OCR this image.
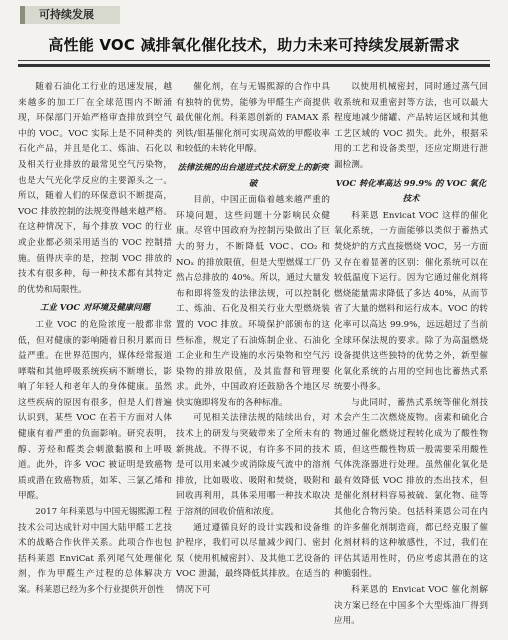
可持续发展
高性能 VOC 减排氧化催化技术，助力未来可持续发展新需求

随着石油化工行业的迅速发展，越来越多的加工厂在全球范围内不断涌现，环保部门开始严格审查排放到空气中的 VOC。VOC 实际上是不同种类的石化产品，并且是化工、炼油、石化以及相关行业排放的最常见空气污染物，也是大气光化学反应的主要源头之一。所以，随着人们的环保意识不断提高，VOC 排放控制的法规变得越来越严格。在这种情况下，每个排放 VOC 的行业或企业都必须采用适当的 VOC 控制措施。值得庆幸的是，控制 VOC 排放的技术有很多种，每一种技术都有其特定的优势和局限性。

工业 VOC 对环境及健康问题

工业 VOC 的危险浓度一般都非常低，但对健康的影响随着日积月累而日益严重。在世界范围内，媒体经常报道哮喘和其他呼吸系统疾病不断增长，影响了年轻人和老年人的身体健康。虽然这些疾病的原因有很多，但是人们普遍认识到，某些 VOC 在若干方面对人体健康有着严重的负面影响。研究表明，醇、芳烃和醛类会刺激黏膜和上呼吸道。此外，许多 VOC 被证明是致癌物质或潜在致癌物质，如苯、三氯乙烯和甲醛。

2017 年科莱恩与中国无锡熙源工程技术公司达成针对中国大陆甲醛工艺技术的战略合作伙伴关系。此项合作也包括科莱恩 EnviCat 系列尾气处理催化剂，作为甲醛生产过程的总体解决方案。科莱恩已经为多个行业提供开创性

催化剂，在与无锡熙源的合作中具有独特的优势，能够为甲醛生产商提供最优催化剂。科莱恩创新的 FAMAX 系列铁/钼基催化剂可实现高效的甲醛收率和较低的未转化甲醇。

法律法规的出台递进式技术研发上的新突破

目前，中国正面临着越来越严重的环境问题，这些问题十分影响民众健康。尽管中国政府为控制污染做出了巨大的努力，不断降低 VOC、CO₂ 和 NOₓ 的排放限值，但是大型燃煤工厂仍然占总排放的 40%。所以，通过大量发布和即将签发的法律法规，可以控制化工、炼油、石化及相关行业大型燃烧装置的 VOC 排放。环境保护部颁布的这些标准，规定了石油炼制企业、石油化工企业和生产设施的水污染物和空气污染物的排放限值，及其监督和管理要求。此外，中国政府还鼓励各个地区尽快实施即将发布的各种标准。

可见相关法律法规的陆续出台，对技术上的研发与突破带来了全所未有的新挑战。不得不说，有许多不同的技术是可以用来减少或消除废气流中的溶剂排放，比如吸收、吸附和焚烧，吸附和回收再利用，具体采用哪一种技术取决于溶剂的回收价值和浓度。

通过遵循良好的设计实践和设备维护程序，我们可以尽量减少阀门、密封泵（使用机械密封）、及其他工艺设备的 VOC 泄漏，最终降低其排放。在适当的情况下可

以使用机械密封，同时通过蒸气回收系统和双重密封等方法，也可以最大程度地减少储罐、产品转运区域和其他工艺区域的 VOC 损失。此外，根据采用的工艺和设备类型，还应定期进行泄漏检测。

VOC 转化率高达 99.9% 的 VOC 氧化技术

科莱恩 Envicat VOC 这样的催化氧化系统，一方面能够以类似于蓄热式焚烧炉的方式直接燃烧 VOC，另一方面又存在着显著的区别：催化系统可以在较低温度下运行。因为它通过催化剂将燃烧能量需求降低了多达 40%，从而节省了大量的燃料和运行成本。VOC 的转化率可以高达 99.9%，远远超过了当前全球环保法规的要求。除了为高温燃烧设备提供这些独特的优势之外，新型催化氧化系统的占用的空间也比蓄热式系统要小得多。

与此同时，蓄热式系统等催化剂技术会产生二次燃烧废物。卤素和硫化合物通过催化燃烧过程转化成为了酸性物质，但这些酸性物质一般需要采用酸性气体洗涤器进行处理。虽然催化氧化是最有效降低 VOC 排放的杰出技术，但是催化剂材料容易被硫、氯化物、硅等其他化合物污染。包括科莱恩公司在内的许多催化剂制造商，都已经克服了催化剂材料的这种敏感性，不过，我们在评估其适用性时，仍应考虑其潜在的这种脆弱性。

科莱恩的 Envicat VOC 催化剂解决方案已经在中国多个大型炼油厂得到应用。
